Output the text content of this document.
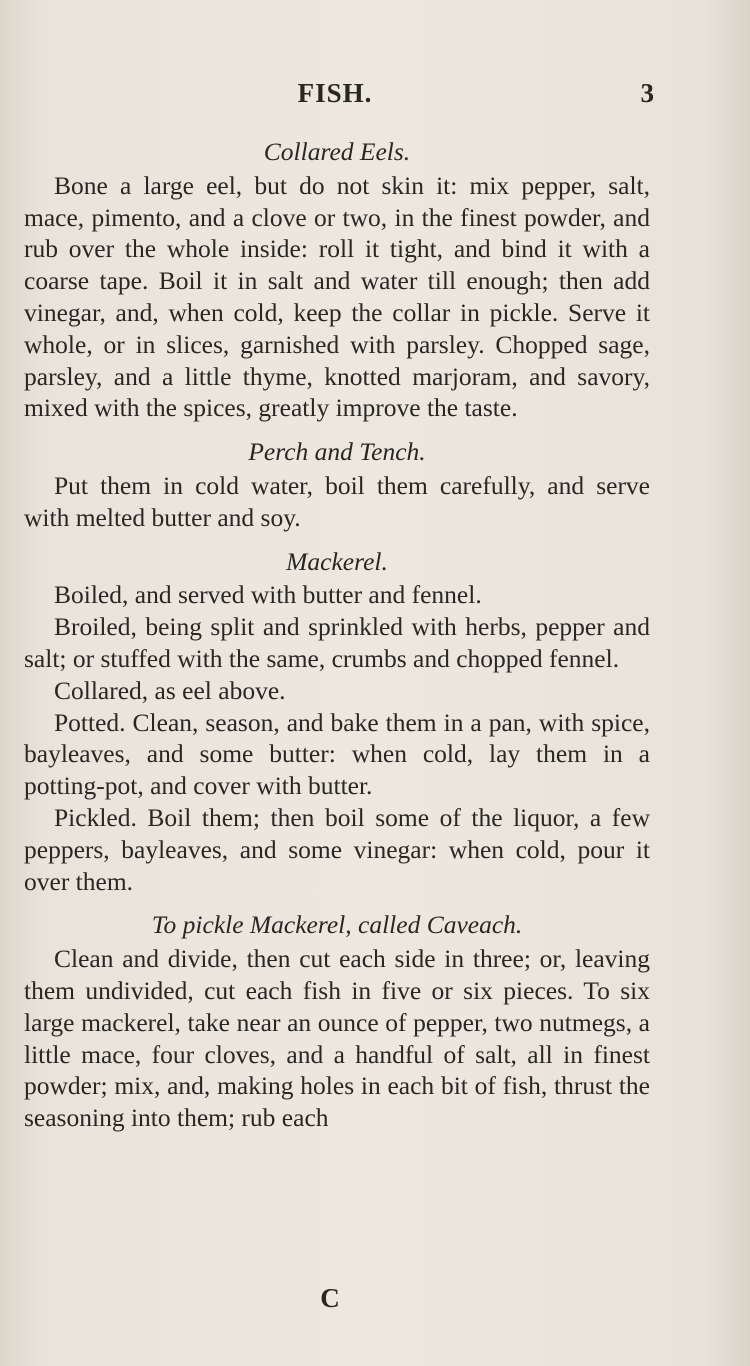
FISH.	3
Collared Eels.

Bone a large eel, but do not skin it: mix pepper, salt, mace, pimento, and a clove or two, in the finest powder, and rub over the whole inside: roll it tight, and bind it with a coarse tape. Boil it in salt and water till enough; then add vinegar, and, when cold, keep the collar in pickle. Serve it whole, or in slices, garnished with parsley. Chopped sage, parsley, and a little thyme, knotted marjoram, and savory, mixed with the spices, greatly improve the taste.

Perch and Tench.

Put them in cold water, boil them carefully, and serve with melted butter and soy.

Mackerel.

Boiled, and served with butter and fennel.

Broiled, being split and sprinkled with herbs, pepper and salt; or stuffed with the same, crumbs and chopped fennel.

Collared, as eel above.

Potted. Clean, season, and bake them in a pan, with spice, bayleaves, and some butter: when cold, lay them in a potting-pot, and cover with butter.

Pickled. Boil them; then boil some of the liquor, a few peppers, bayleaves, and some vinegar: when cold, pour it over them.

To pickle Mackerel, called Caveach.

Clean and divide, then cut each side in three; or, leaving them undivided, cut each fish in five or six pieces. To six large mackerel, take near an ounce of pepper, two nutmegs, a little mace, four cloves, and a handful of salt, all in finest powder; mix, and, making holes in each bit of fish, thrust the seasoning into them; rub each

C
